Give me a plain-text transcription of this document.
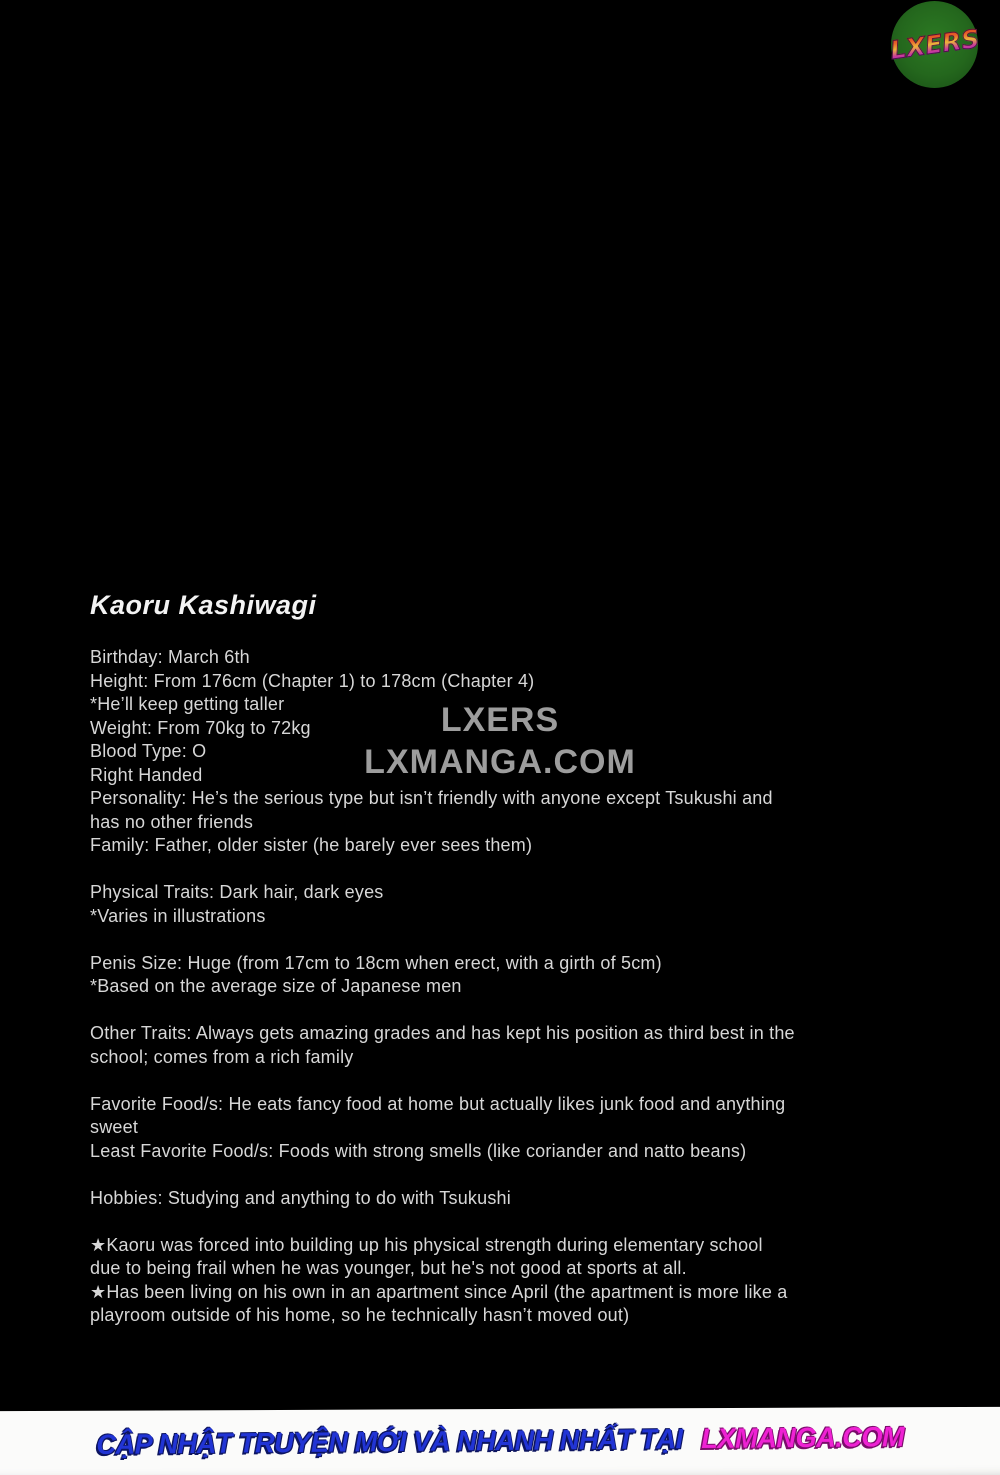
LXERS
LXERS
LXMANGA.COM
Kaoru Kashiwagi
Birthday: March 6th
Height: From 176cm (Chapter 1) to 178cm (Chapter 4)
*He’ll keep getting taller
Weight: From 70kg to 72kg
Blood Type: O
Right Handed
Personality: He’s the serious type but isn’t friendly with anyone except Tsukushi and
has no other friends
Family: Father, older sister (he barely ever sees them)
Physical Traits: Dark hair, dark eyes
*Varies in illustrations
Penis Size: Huge (from 17cm to 18cm when erect, with a girth of 5cm)
*Based on the average size of Japanese men
Other Traits: Always gets amazing grades and has kept his position as third best in the
school; comes from a rich family
Favorite Food/s: He eats fancy food at home but actually likes junk food and anything
sweet
Least Favorite Food/s: Foods with strong smells (like coriander and natto beans)
Hobbies: Studying and anything to do with Tsukushi
★Kaoru was forced into building up his physical strength during elementary school
due to being frail when he was younger, but he's not good at sports at all.
★Has been living on his own in an apartment since April (the apartment is more like a
playroom outside of his home, so he technically hasn’t moved out)
CẬP NHẬT TRUYỆN MỚI VÀ NHANH NHẤT TẠI LXMANGA.COM
